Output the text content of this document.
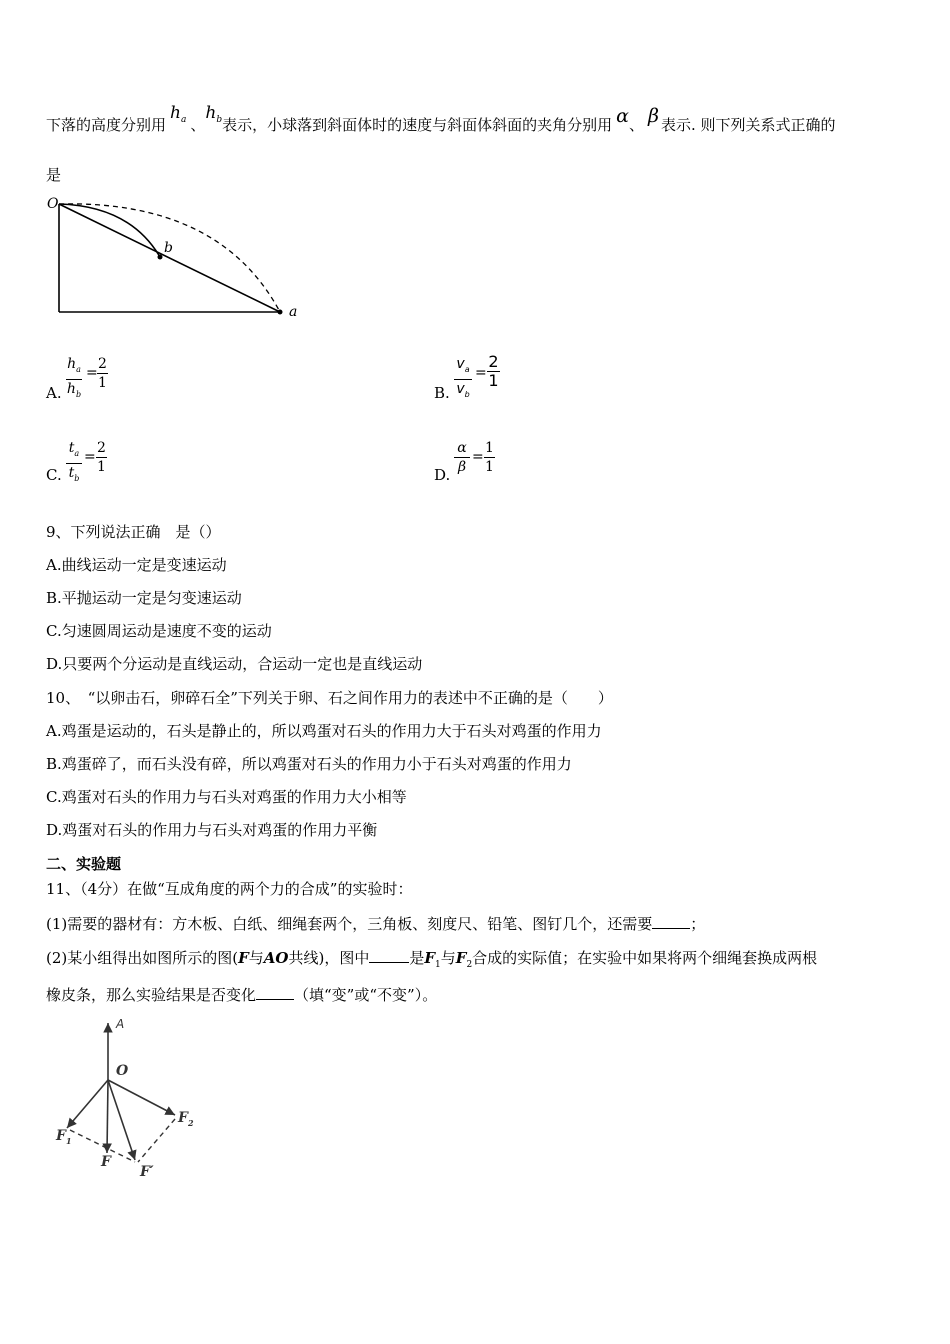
下落的高度分别用$h^a$ 、$h^b$表示，小球落到斜面体时的速度与斜面体斜面的夹角分别用 α、 β 表示. 则下列关系式正确的
是
O
b
a
A.
$h_a$
$h_b$
=
2
1
B.
$v_a$
$v_b$
=
2
1
C.
$t_a$
$t_b$
=
2
1	D.
α
β
=
1
1
9、下列说法正确　是（）
A.曲线运动一定是变速运动
B.平抛运动一定是匀变速运动
C.匀速圆周运动是速度不变的运动
D.只要两个分运动是直线运动，合运动一定也是直线运动
10、　“以卵击石，卵碎石全”下列关于卵、石之间作用力的表述中不正确的是（　　）
A.鸡蛋是运动的，石头是静止的，所以鸡蛋对石头的作用力大于石头对鸡蛋的作用力
B.鸡蛋碎了，而石头没有碎，所以鸡蛋对石头的作用力小于石头对鸡蛋的作用力
C.鸡蛋对石头的作用力与石头对鸡蛋的作用力大小相等
D.鸡蛋对石头的作用力与石头对鸡蛋的作用力平衡
二、实验题
11、（4分）在做“互成角度的两个力的合成”的实验时：
(1)需要的器材有：方木板、白纸、细绳套两个，三角板、刻度尺、铅笔、图钉几个，还需要	；
(2)某小组得出如图所示的图(F与AO共线)，图中	是$F_1$与$F_2$合成的实际值；在实验中如果将两个细绳套换成两根
橡皮条，那么实验结果是否变化	（填“变”或“不变”）。
A
O
$F_1$
$F_2$
F
F′
